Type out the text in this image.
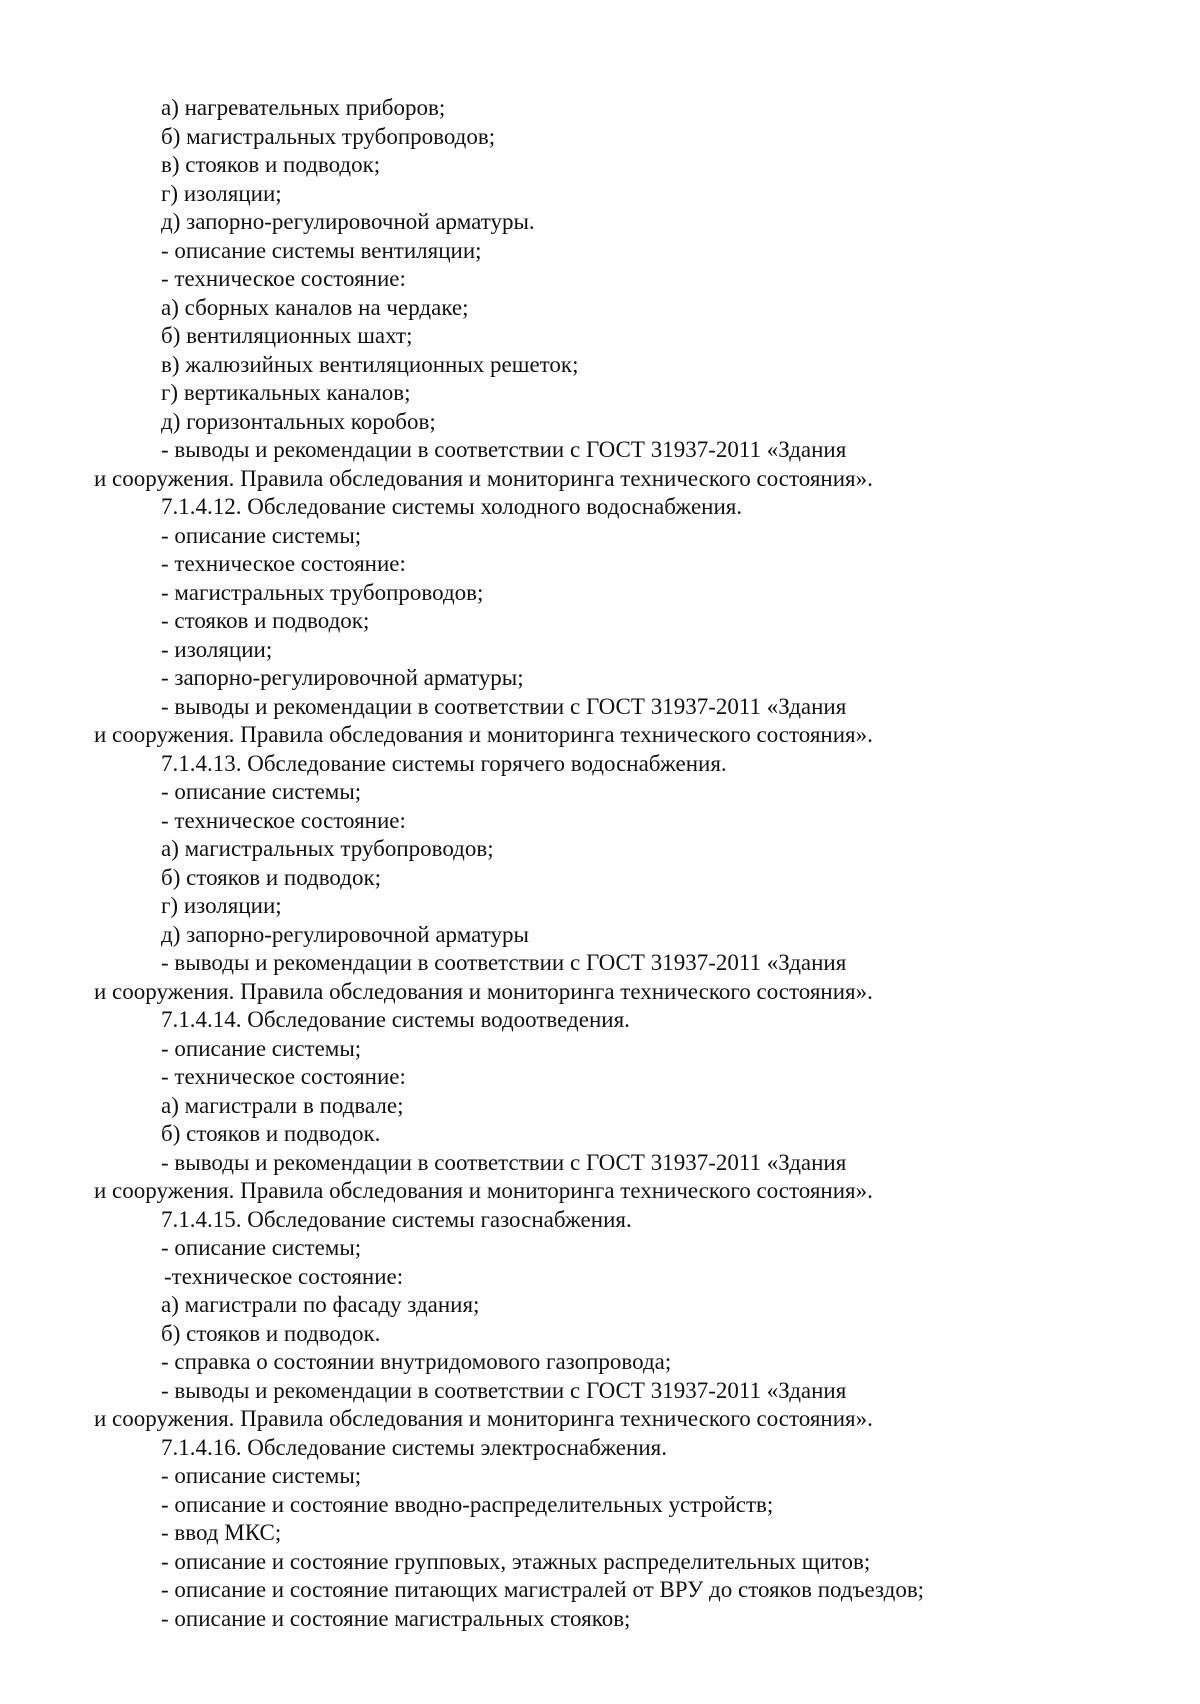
а) нагревательных приборов;
б) магистральных трубопроводов;
в) стояков и подводок;
г) изоляции;
д) запорно-регулировочной арматуры.
- описание системы вентиляции;
- техническое состояние:
а) сборных каналов на чердаке;
б) вентиляционных шахт;
в) жалюзийных вентиляционных решеток;
г) вертикальных каналов;
д) горизонтальных коробов;
- выводы и рекомендации в соответствии с ГОСТ 31937-2011 «Здания
и сооружения. Правила обследования и мониторинга технического состояния».
7.1.4.12. Обследование системы холодного водоснабжения.
- описание системы;
- техническое состояние:
- магистральных трубопроводов;
- стояков и подводок;
- изоляции;
- запорно-регулировочной арматуры;
- выводы и рекомендации в соответствии с ГОСТ 31937-2011 «Здания
и сооружения. Правила обследования и мониторинга технического состояния».
7.1.4.13. Обследование системы горячего водоснабжения.
- описание системы;
- техническое состояние:
а) магистральных трубопроводов;
б) стояков и подводок;
г) изоляции;
д) запорно-регулировочной арматуры
- выводы и рекомендации в соответствии с ГОСТ 31937-2011 «Здания
и сооружения. Правила обследования и мониторинга технического состояния».
7.1.4.14. Обследование системы водоотведения.
- описание системы;
- техническое состояние:
а) магистрали в подвале;
б) стояков и подводок.
- выводы и рекомендации в соответствии с ГОСТ 31937-2011 «Здания
и сооружения. Правила обследования и мониторинга технического состояния».
7.1.4.15. Обследование системы газоснабжения.
- описание системы;
-техническое состояние:
а) магистрали по фасаду здания;
б) стояков и подводок.
- справка о состоянии внутридомового газопровода;
- выводы и рекомендации в соответствии с ГОСТ 31937-2011 «Здания
и сооружения. Правила обследования и мониторинга технического состояния».
7.1.4.16. Обследование системы электроснабжения.
- описание системы;
- описание и состояние вводно-распределительных устройств;
- ввод МКС;
- описание и состояние групповых, этажных распределительных щитов;
- описание и состояние питающих магистралей от ВРУ до стояков подъездов;
- описание и состояние магистральных стояков;
